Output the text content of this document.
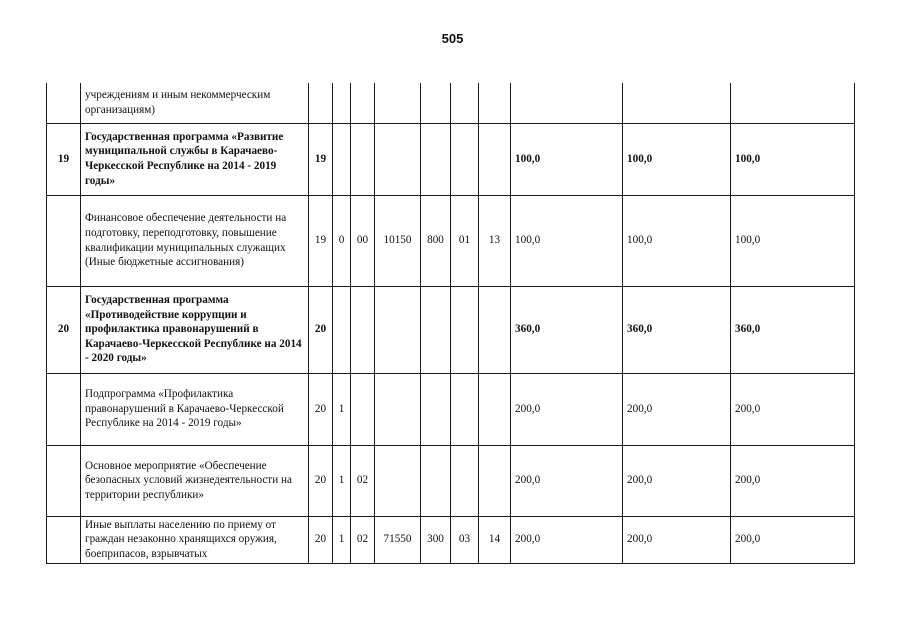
505
	учреждениям и иным некоммерческим организациям)										
19	Государственная программа «Развитие муниципальной службы в Карачаево-Черкесской Республике на 2014 - 2019 годы»	19							100,0	100,0	100,0
	Финансовое обеспечение деятельности на подготовку, переподготовку, повышение квалификации муниципальных служащих (Иные бюджетные ассигнования)	19	0	00	10150	800	01	13	100,0	100,0	100,0
20	Государственная программа «Противодействие коррупции и профилактика правонарушений в Карачаево-Черкесской Республике на 2014 - 2020 годы»	20							360,0	360,0	360,0
	Подпрограмма «Профилактика правонарушений в Карачаево-Черкесской Республике на 2014 - 2019 годы»	20	1						200,0	200,0	200,0
	Основное мероприятие «Обеспечение безопасных условий жизнедеятельности на территории республики»	20	1	02					200,0	200,0	200,0
	Иные выплаты населению по приему от граждан незаконно хранящихся оружия, боеприпасов, взрывчатых	20	1	02	71550	300	03	14	200,0	200,0	200,0
